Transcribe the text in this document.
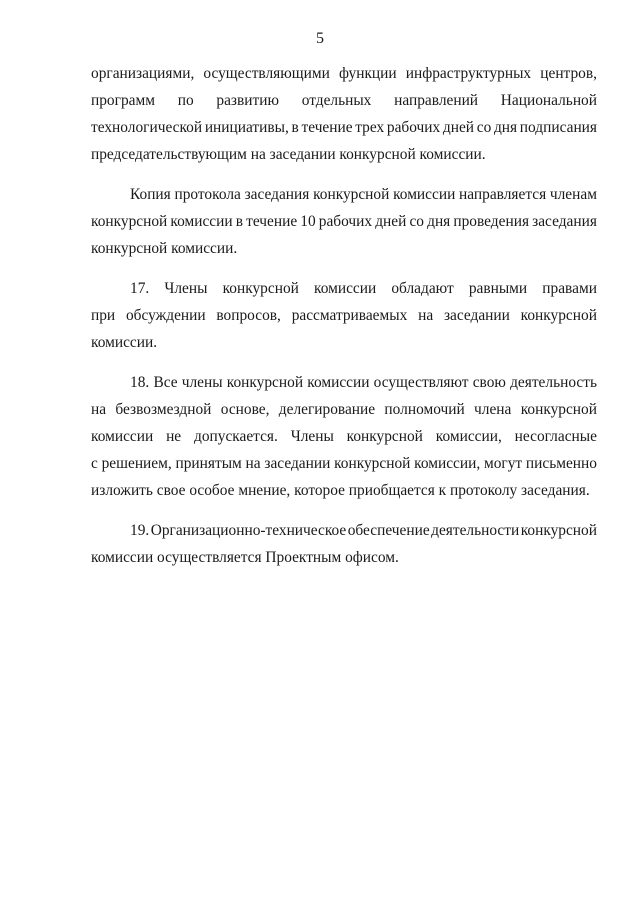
5
организациями, осуществляющими функции инфраструктурных центров,
программ по развитию отдельных направлений Национальной
технологической инициативы, в течение трех рабочих дней со дня подписания
председательствующим на заседании конкурсной комиссии.
Копия протокола заседания конкурсной комиссии направляется членам
конкурсной комиссии в течение 10 рабочих дней со дня проведения заседания
конкурсной комиссии.
17. Члены конкурсной комиссии обладают равными правами
при обсуждении вопросов, рассматриваемых на заседании конкурсной
комиссии.
18. Все члены конкурсной комиссии осуществляют свою деятельность
на безвозмездной основе, делегирование полномочий члена конкурсной
комиссии не допускается. Члены конкурсной комиссии, несогласные
с решением, принятым на заседании конкурсной комиссии, могут письменно
изложить свое особое мнение, которое приобщается к протоколу заседания.
19. Организационно-техническое обеспечение деятельности конкурсной
комиссии осуществляется Проектным офисом.
